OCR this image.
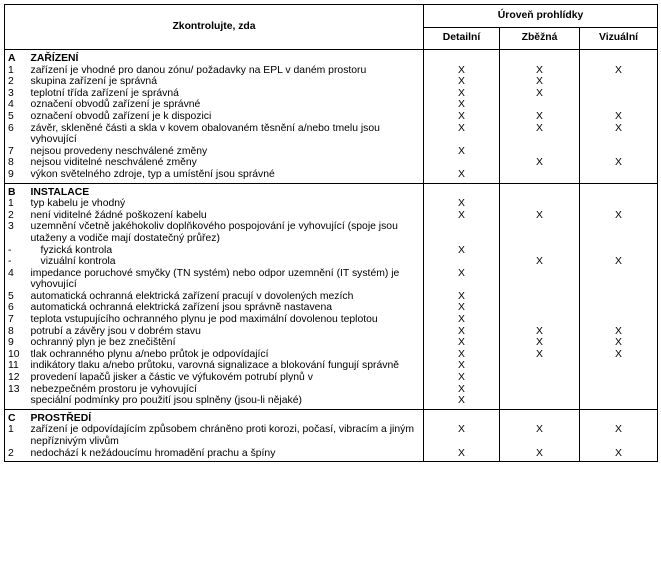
Zkontrolujte, zda		Úroveň prohlídky		
		Detailní	Zběžná	Vizuální
A	ZAŘÍZENÍ			
1	zařízení je vhodné pro danou zónu/ požadavky na EPL v daném prostoru	X	X	X
2	skupina zařízení je správná	X	X	
3	teplotní třída zařízení je správná	X	X	
4	označení obvodů zařízení je správné	X		
5	označení obvodů zařízení je k dispozici	X	X	X
6	závěr, skleněné části a skla v kovem obalovaném těsnění a/nebo tmelu jsou vyhovující	X	X	X
7	nejsou provedeny neschválené změny	X		
8	nejsou viditelné neschválené změny		X	X
9	výkon světelného zdroje, typ a umístění jsou správné	X		
B	INSTALACE			
1	typ kabelu je vhodný	X		
2	není viditelné žádné poškození kabelu	X	X	X
3	uzemnění včetně jakéhokoliv doplňkového pospojování je vyhovující (spoje jsou utaženy a vodiče mají dostatečný průřez)			
-	fyzická kontrola	X		
-	vizuální kontrola		X	X
4	impedance poruchové smyčky (TN systém) nebo odpor uzemnění (IT systém) je vyhovující	X		
5	automatická ochranná elektrická zařízení pracují v dovolených mezích	X		
6	automatická ochranná elektrická zařízení jsou správně nastavena	X		
7	teplota vstupujícího ochranného plynu je pod maximální dovolenou teplotou	X		
8	potrubí a závěry jsou v dobrém stavu	X	X	X
9	ochranný plyn je bez znečištění	X	X	X
10	tlak ochranného plynu a/nebo průtok je odpovídající	X	X	X
11	indikátory tlaku a/nebo průtoku, varovná signalizace a blokování fungují správně	X		
12	provedení lapačů jisker a částic ve výfukovém potrubí plynů v	X		
13	nebezpečném prostoru je vyhovující	X		
	speciální podmínky pro použití jsou splněny (jsou-li nějaké)	X		
C	PROSTŘEDÍ			
1	zařízení je odpovídajícím způsobem chráněno proti korozi, počasí, vibracím a jiným nepříznivým vlivům	X	X	X
2	nedochází k nežádoucímu hromadění prachu a špíny	X	X	X
